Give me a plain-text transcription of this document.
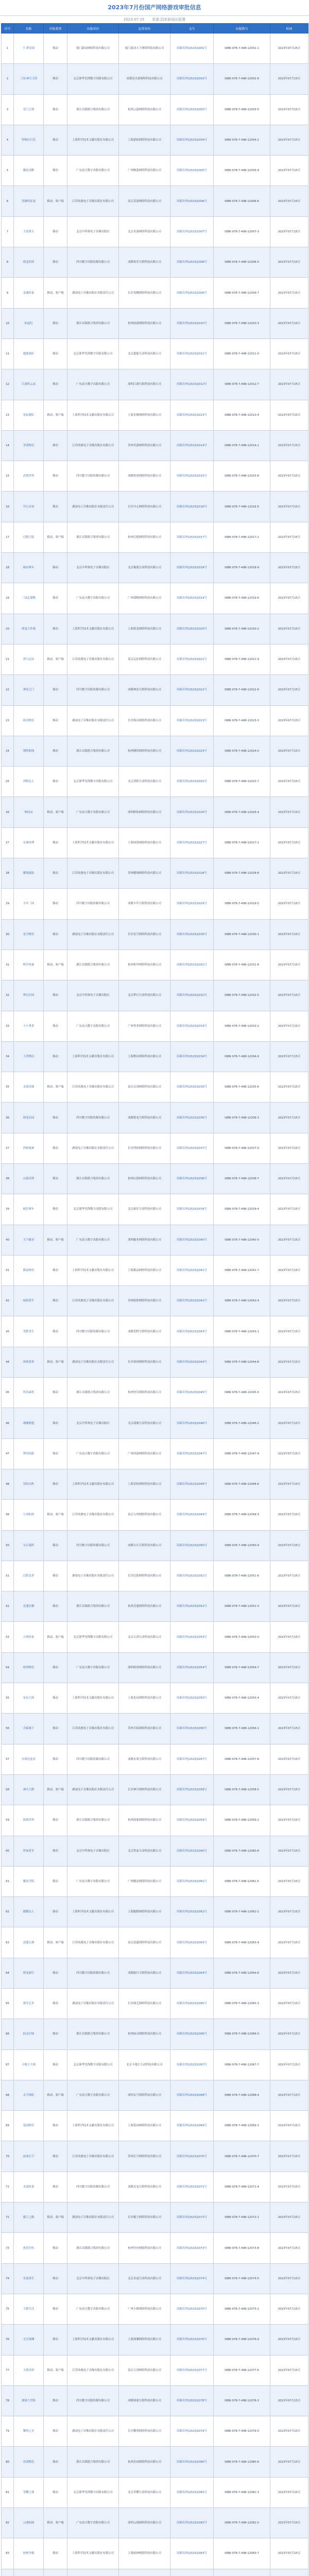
2023年7月份国产网络游戏审批信息
2023-07-25 来源:国家新闻出版署
序号	名称	申报类别	出版单位	运营单位	文号	出版物号	时间
1	千·梦昙境	移动	厦门游动网络科技有限公司	厦门游动天下网络科技有限公司	国新出审[2023]1001号	ISBN 978-7-498-12001-1	2023年07月25日
2	三国:神兵天将	移动	北京新华先锋数字出版有限公司	成都星火游网络科技有限公司	国新出审[2023]1002号	ISBN 978-7-498-12002-8	2023年07月25日
3	星门之境	移动	浙江出版联合集团有限公司	杭州云游网络科技有限公司	国新出审[2023]1003号	ISBN 978-7-498-12003-5	2023年07月25日
4	怪物打打乐	移动	上海科学技术文献出版社有限公司	上海游拓网络科技有限公司	国新出审[2023]1004号	ISBN 978-7-498-12004-2	2023年07月25日
5	魔法觉醒	移动	广东南方数字出版有限公司	广州畅游网络科技有限公司	国新出审[2023]1005号	ISBN 978-7-498-12005-9	2023年07月25日
6	英雄的征途	移动、客户端	江苏凤凰电子音像出版社有限公司	南京英游网络科技有限公司	国新出审[2023]1006号	ISBN 978-7-498-12006-6	2023年07月25日
7	大话诸天	移动	北京中科奥电子音像出版社	北京奇游网络科技有限公司	国新出审[2023]1007号	ISBN 978-7-498-12007-3	2023年07月25日
8	萌宠消消	移动	四川数字出版传媒有限公司	成都欢乐互娱科技有限公司	国新出审[2023]1008号	ISBN 978-7-498-12008-0	2023年07月25日
9	龙魂传说	移动、客户端	湖南电子音像出版社有限责任公司	长沙龙腾网络科技有限公司	国新出审[2023]1009号	ISBN 978-7-498-12009-7	2023年07月25日
10	仙途纪	移动	浙江出版联合集团有限公司	杭州仙游网络科技有限公司	国新出审[2023]1010号	ISBN 978-7-498-12010-3	2023年07月25日
11	超能战队	移动	北京新华先锋数字出版有限公司	北京超能互动科技有限公司	国新出审[2023]1011号	ISBN 978-7-498-12011-0	2023年07月25日
12	江湖风云录	移动	广东南方数字出版有限公司	深圳江湖互娱科技有限公司	国新出审[2023]1012号	ISBN 978-7-498-12012-7	2023年07月25日
13	星际舰队	移动、客户端	上海科学技术文献出版社有限公司	上海星舰网络科技有限公司	国新出审[2023]1013号	ISBN 978-7-498-12013-4	2023年07月25日
14	美食物语	移动	江苏凤凰电子音像出版社有限公司	苏州美游网络科技有限公司	国新出审[2023]1014号	ISBN 978-7-498-12014-1	2023年07月25日
15	武侠世界	移动	四川数字出版传媒有限公司	成都侠客网络科技有限公司	国新出审[2023]1015号	ISBN 978-7-498-12015-8	2023年07月25日
16	开心农场	移动	湖南电子音像出版社有限责任公司	长沙开心网络科技有限公司	国新出审[2023]1016号	ISBN 978-7-498-12016-5	2023年07月25日
17	幻想大陆	移动、客户端	浙江出版联合集团有限公司	杭州幻想网络科技有限公司	国新出审[2023]1017号	ISBN 978-7-498-12017-2	2023年07月25日
18	城市赛车	移动	北京中科奥电子音像出版社	北京极速互动科技有限公司	国新出审[2023]1018号	ISBN 978-7-498-12018-9	2023年07月25日
19	三国志谋略	移动	广东南方数字出版有限公司	广州谋略网络科技有限公司	国新出审[2023]1019号	ISBN 978-7-498-12019-6	2023年07月25日
20	萌宠大作战	移动	上海科学技术文献出版社有限公司	上海萌宠网络科技有限公司	国新出审[2023]1020号	ISBN 978-7-498-12020-2	2023年07月25日
21	剑与远征	移动、客户端	江苏凤凰电子音像出版社有限公司	南京远征网络科技有限公司	国新出审[2023]1021号	ISBN 978-7-498-12021-9	2023年07月25日
22	神话之门	移动	四川数字出版传媒有限公司	成都神话互娱科技有限公司	国新出审[2023]1022号	ISBN 978-7-498-12022-6	2023年07月25日
23	海岛物语	移动	湖南电子音像出版社有限责任公司	长沙海岛网络科技有限公司	国新出审[2023]1023号	ISBN 978-7-498-12023-3	2023年07月25日
24	钢铁防线	移动	浙江出版联合集团有限公司	杭州钢铁网络科技有限公司	国新出审[2023]1024号	ISBN 978-7-498-12024-0	2023年07月25日
25	消除达人	移动	北京新华先锋数字出版有限公司	北京消除互动科技有限公司	国新出审[2023]1025号	ISBN 978-7-498-12025-7	2023年07月25日
26	修仙录	移动、客户端	广东南方数字出版有限公司	深圳修仙网络科技有限公司	国新出审[2023]1026号	ISBN 978-7-498-12026-4	2023年07月25日
27	足球经理	移动	上海科学技术文献出版社有限公司	上海绿茵网络科技有限公司	国新出审[2023]1027号	ISBN 978-7-498-12027-1	2023年07月25日
28	魔域迷踪	移动	江苏凤凰电子音像出版社有限公司	苏州魔域网络科技有限公司	国新出审[2023]1028号	ISBN 978-7-498-12028-8	2023年07月25日
29	少年三国	移动	四川数字出版传媒有限公司	成都少年互娱科技有限公司	国新出审[2023]1029号	ISBN 978-7-498-12029-5	2023年07月25日
30	星空物语	移动	湖南电子音像出版社有限责任公司	长沙星空网络科技有限公司	国新出审[2023]1030号	ISBN 978-7-498-12030-1	2023年07月25日
31	机甲风暴	移动、客户端	浙江出版联合集团有限公司	杭州机甲网络科技有限公司	国新出审[2023]1031号	ISBN 978-7-498-12031-8	2023年07月25日
32	梦幻庄园	移动	北京中科奥电子音像出版社	北京梦幻互动科技有限公司	国新出审[2023]1032号	ISBN 978-7-498-12032-5	2023年07月25日
33	小小勇者	移动	广东南方数字出版有限公司	广州勇者网络科技有限公司	国新出审[2023]1033号	ISBN 978-7-498-12033-2	2023年07月25日
34	王者棋局	移动	上海科学技术文献出版社有限公司	上海棋局网络科技有限公司	国新出审[2023]1034号	ISBN 978-7-498-12034-9	2023年07月25日
35	灵剑奇缘	移动、客户端	江苏凤凰电子音像出版社有限公司	南京灵剑网络科技有限公司	国新出审[2023]1035号	ISBN 978-7-498-12035-6	2023年07月25日
36	萌宠乐园	移动	四川数字出版传媒有限公司	成都萌宠互娱科技有限公司	国新出审[2023]1036号	ISBN 978-7-498-12036-3	2023年07月25日
37	烈焰战神	移动	湖南电子音像出版社有限责任公司	长沙烈焰网络科技有限公司	国新出审[2023]1037号	ISBN 978-7-498-12037-0	2023年07月25日
38	山海奇谭	移动	浙江出版联合集团有限公司	杭州山海网络科技有限公司	国新出审[2023]1038号	ISBN 978-7-498-12038-7	2023年07月25日
39	疯狂赛车	移动	北京新华先锋数字出版有限公司	北京疯狂互动科技有限公司	国新出审[2023]1039号	ISBN 978-7-498-12039-4	2023年07月25日
40	天下霸业	移动、客户端	广东南方数字出版有限公司	深圳霸业网络科技有限公司	国新出审[2023]1040号	ISBN 978-7-498-12040-0	2023年07月25日
41	甜品物语	移动	上海科学技术文献出版社有限公司	上海甜品网络科技有限公司	国新出审[2023]1041号	ISBN 978-7-498-12041-7	2023年07月25日
42	暗影猎手	移动	江苏凤凰电子音像出版社有限公司	苏州暗影网络科技有限公司	国新出审[2023]1042号	ISBN 978-7-498-12042-4	2023年07月25日
43	荒野求生	移动	四川数字出版传媒有限公司	成都荒野互娱科技有限公司	国新出审[2023]1043号	ISBN 978-7-498-12043-1	2023年07月25日
44	诸神黄昏	移动、客户端	湖南电子音像出版社有限责任公司	长沙诸神网络科技有限公司	国新出审[2023]1044号	ISBN 978-7-498-12044-8	2023年07月25日
45	快乐麻将	移动	浙江出版联合集团有限公司	杭州快乐网络科技有限公司	国新出审[2023]1045号	ISBN 978-7-498-12045-5	2023年07月25日
46	战舰联盟	移动	北京中科奥电子音像出版社	北京战舰互动科技有限公司	国新出审[2023]1046号	ISBN 978-7-498-12046-2	2023年07月25日
47	梦回西游	移动	广东南方数字出版有限公司	广州西游网络科技有限公司	国新出审[2023]1047号	ISBN 978-7-498-12047-9	2023年07月25日
48	冒险岛屿	移动	上海科学技术文献出版社有限公司	上海冒险网络科技有限公司	国新出审[2023]1048号	ISBN 978-7-498-12048-6	2023年07月25日
49	九州仙侠	移动、客户端	江苏凤凰电子音像出版社有限公司	南京九州网络科技有限公司	国新出审[2023]1049号	ISBN 978-7-498-12049-3	2023年07月25日
50	宝石迷阵	移动	四川数字出版传媒有限公司	成都宝石互娱科技有限公司	国新出审[2023]1050号	ISBN 978-7-498-12050-9	2023年07月25日
51	幻影忍者	移动	湖南电子音像出版社有限责任公司	长沙幻影网络科技有限公司	国新出审[2023]1051号	ISBN 978-7-498-12051-6	2023年07月25日
52	竞速狂飙	移动	浙江出版联合集团有限公司	杭州竞速网络科技有限公司	国新出审[2023]1052号	ISBN 978-7-498-12052-3	2023年07月25日
53	古剑传说	移动、客户端	北京新华先锋数字出版有限公司	北京古剑互动科技有限公司	国新出审[2023]1053号	ISBN 978-7-498-12053-0	2023年07月25日
54	萌兽物语	移动	广东南方数字出版有限公司	深圳萌兽网络科技有限公司	国新出审[2023]1054号	ISBN 978-7-498-12054-7	2023年07月25日
55	星辰大海	移动	上海科学技术文献出版社有限公司	上海星辰网络科技有限公司	国新出审[2023]1055号	ISBN 978-7-498-12055-4	2023年07月25日
56	兵临城下	移动	江苏凤凰电子音像出版社有限公司	苏州兵临网络科技有限公司	国新出审[2023]1056号	ISBN 978-7-498-12056-1	2023年07月25日
57	水果连连看	移动	四川数字出版传媒有限公司	成都水果互娱科技有限公司	国新出审[2023]1057号	ISBN 978-7-498-12057-8	2023年07月25日
58	神兵天降	移动、客户端	湖南电子音像出版社有限责任公司	长沙神兵网络科技有限公司	国新出审[2023]1058号	ISBN 978-7-498-12058-5	2023年07月25日
59	海底世界	移动	浙江出版联合集团有限公司	杭州海底网络科技有限公司	国新出审[2023]1059号	ISBN 978-7-498-12059-2	2023年07月25日
60	铁血将军	移动	北京中科奥电子音像出版社	北京铁血互动科技有限公司	国新出审[2023]1060号	ISBN 978-7-498-12060-8	2023年07月25日
61	魔法学院	移动	广东南方数字出版有限公司	广州魔法网络科技有限公司	国新出审[2023]1061号	ISBN 978-7-498-12061-5	2023年07月25日
62	跑酷达人	移动	上海科学技术文献出版社有限公司	上海跑酷网络科技有限公司	国新出审[2023]1062号	ISBN 978-7-498-12062-2	2023年07月25日
63	逍遥江湖	移动、客户端	江苏凤凰电子音像出版社有限公司	南京逍遥网络科技有限公司	国新出审[2023]1063号	ISBN 978-7-498-12063-9	2023年07月25日
64	萌宠旅行	移动	四川数字出版传媒有限公司	成都旅行互娱科技有限公司	国新出审[2023]1064号	ISBN 978-7-498-12064-6	2023年07月25日
65	战争艺术	移动	湖南电子音像出版社有限责任公司	长沙战艺网络科技有限公司	国新出审[2023]1065号	ISBN 978-7-498-12065-3	2023年07月25日
66	仙灵幻境	移动	浙江出版联合集团有限公司	杭州仙灵网络科技有限公司	国新出审[2023]1066号	ISBN 978-7-498-12066-0	2023年07月25日
67	斗地主大师	移动	北京新华先锋数字出版有限公司	北京斗地主互动科技有限公司	国新出审[2023]1067号	ISBN 978-7-498-12067-7	2023年07月25日
68	太空探险	移动、客户端	广东南方数字出版有限公司	深圳太空网络科技有限公司	国新出审[2023]1068号	ISBN 978-7-498-12068-4	2023年07月25日
69	花园物语	移动	上海科学技术文献出版社有限公司	上海花园网络科技有限公司	国新出审[2023]1069号	ISBN 978-7-498-12069-1	2023年07月25日
70	血战长空	移动	江苏凤凰电子音像出版社有限公司	苏州长空网络科技有限公司	国新出审[2023]1070号	ISBN 978-7-498-12070-7	2023年07月25日
71	灵宠传说	移动	四川数字出版传媒有限公司	成都灵宠互娱科技有限公司	国新出审[2023]1071号	ISBN 978-7-498-12071-4	2023年07月25日
72	霸王之路	移动、客户端	湖南电子音像出版社有限责任公司	长沙霸王网络科技有限公司	国新出审[2023]1072号	ISBN 978-7-498-12072-1	2023年07月25日
73	欢乐钓鱼	移动	浙江出版联合集团有限公司	杭州钓鱼网络科技有限公司	国新出审[2023]1073号	ISBN 978-7-498-12073-8	2023年07月25日
74	奇迹重生	移动	北京中科奥电子音像出版社	北京奇迹互动科技有限公司	国新出审[2023]1074号	ISBN 978-7-498-12074-5	2023年07月25日
75	小镇生活	移动	广东南方数字出版有限公司	广州小镇网络科技有限公司	国新出审[2023]1075号	ISBN 978-7-498-12075-2	2023年07月25日
76	无尽深渊	移动	上海科学技术文献出版社有限公司	上海深渊网络科技有限公司	国新出审[2023]1076号	ISBN 978-7-498-12076-9	2023年07月25日
77	天剑奇侠	移动、客户端	江苏凤凰电子音像出版社有限公司	南京天剑网络科技有限公司	国新出审[2023]1077号	ISBN 978-7-498-12077-6	2023年07月25日
78	球球大冒险	移动	四川数字出版传媒有限公司	成都球球互娱科技有限公司	国新出审[2023]1078号	ISBN 978-7-498-12078-3	2023年07月25日
79	黎明之光	移动	湖南电子音像出版社有限责任公司	长沙黎明网络科技有限公司	国新出审[2023]1079号	ISBN 978-7-498-12079-0	2023年07月25日
80	乐园物语	移动	浙江出版联合集团有限公司	杭州乐园网络科技有限公司	国新出审[2023]1080号	ISBN 978-7-498-12080-6	2023年07月25日
81	荣耀之战	移动	北京新华先锋数字出版有限公司	北京荣耀互动科技有限公司	国新出审[2023]1081号	ISBN 978-7-498-12081-3	2023年07月25日
82	云端仙域	移动、客户端	广东南方数字出版有限公司	深圳云端网络科技有限公司	国新出审[2023]1082号	ISBN 978-7-498-12082-0	2023年07月25日
83	厨神争霸	移动	上海科学技术文献出版社有限公司	上海厨神网络科技有限公司	国新出审[2023]1083号	ISBN 978-7-498-12083-7	2023年07月25日
